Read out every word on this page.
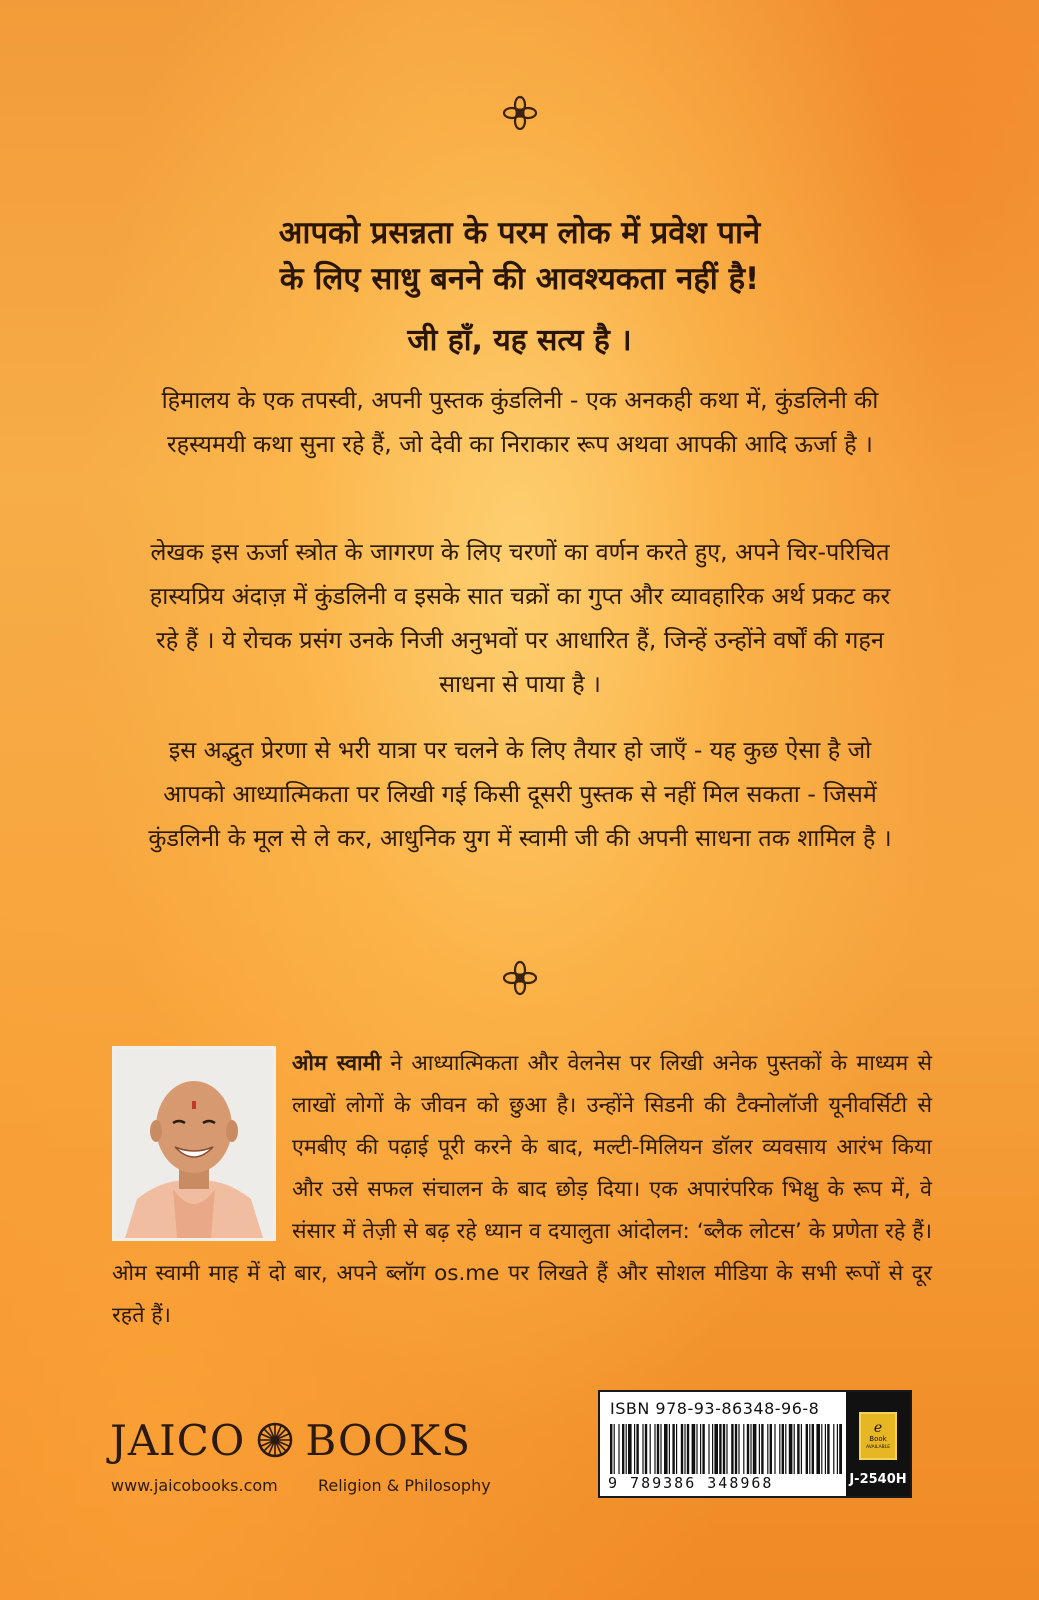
आपको प्रसन्नता के परम लोक में प्रवेश पाने
के लिए साधु बनने की आवश्यकता नहीं है!
जी हाँ, यह सत्य है ।
हिमालय के एक तपस्वी, अपनी पुस्तक कुंडलिनी - एक अनकही कथा में, कुंडलिनी की रहस्यमयी कथा सुना रहे हैं, जो देवी का निराकार रूप अथवा आपकी आदि ऊर्जा है ।
लेखक इस ऊर्जा स्त्रोत के जागरण के लिए चरणों का वर्णन करते हुए, अपने चिर-परिचित हास्यप्रिय अंदाज़ में कुंडलिनी व इसके सात चक्रों का गुप्त और व्यावहारिक अर्थ प्रकट कर रहे हैं । ये रोचक प्रसंग उनके निजी अनुभवों पर आधारित हैं, जिन्हें उन्होंने वर्षों की गहन साधना से पाया है ।
इस अद्भुत प्रेरणा से भरी यात्रा पर चलने के लिए तैयार हो जाएँ - यह कुछ ऐसा है जो आपको आध्यात्मिकता पर लिखी गई किसी दूसरी पुस्तक से नहीं मिल सकता - जिसमें कुंडलिनी के मूल से ले कर, आधुनिक युग में स्वामी जी की अपनी साधना तक शामिल है ।
ओम स्वामी ने आध्यात्मिकता और वेलनेस पर लिखी अनेक पुस्तकों के माध्यम से लाखों लोगों के जीवन को छुआ है। उन्होंने सिडनी की टैक्नोलॉजी यूनीवर्सिटी से एमबीए की पढ़ाई पूरी करने के बाद, मल्टी-मिलियन डॉलर व्यवसाय आरंभ किया और उसे सफल संचालन के बाद छोड़ दिया। एक अपारंपरिक भिक्षु के रूप में, वे संसार में तेज़ी से बढ़ रहे ध्यान व दयालुता आंदोलन: ‘ब्लैक लोटस’ के प्रणेता रहे हैं। ओम स्वामी माह में दो बार, अपने ब्लॉग os.me पर लिखते हैं और सोशल मीडिया के सभी रूपों से दूर रहते हैं।
JAICO BOOKS
www.jaicobooks.com	Religion & Philosophy
ISBN 978-93-86348-96-8
9 789386 348968
e
Book
AVAILABLE
J-2540H
